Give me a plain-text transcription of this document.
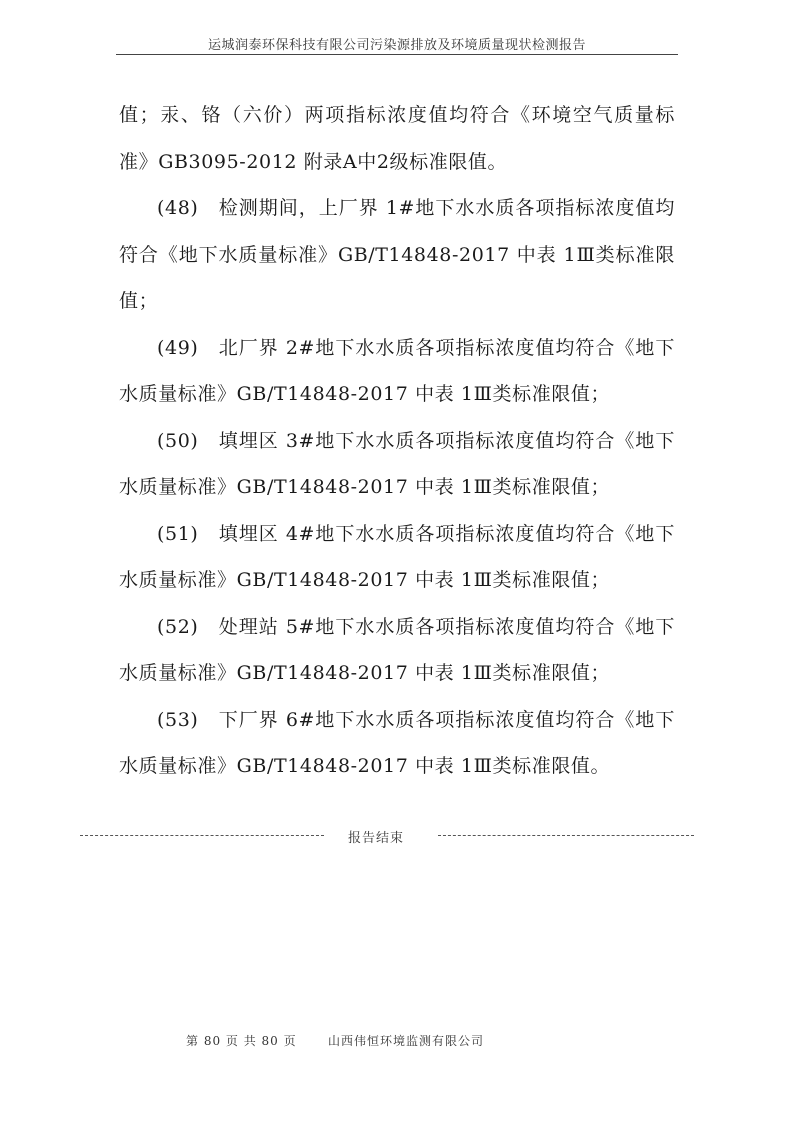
运城润泰环保科技有限公司污染源排放及环境质量现状检测报告

值；汞、铬（六价）两项指标浓度值均符合《环境空气质量标准》GB3095-2012 附录A中2级标准限值。

(48)　检测期间，上厂界 1#地下水水质各项指标浓度值均符合《地下水质量标准》GB/T14848-2017 中表 1Ⅲ类标准限值；

(49)　北厂界 2#地下水水质各项指标浓度值均符合《地下水质量标准》GB/T14848-2017 中表 1Ⅲ类标准限值；

(50)　填埋区 3#地下水水质各项指标浓度值均符合《地下水质量标准》GB/T14848-2017 中表 1Ⅲ类标准限值；

(51)　填埋区 4#地下水水质各项指标浓度值均符合《地下水质量标准》GB/T14848-2017 中表 1Ⅲ类标准限值；

(52)　处理站 5#地下水水质各项指标浓度值均符合《地下水质量标准》GB/T14848-2017 中表 1Ⅲ类标准限值；

(53)　下厂界 6#地下水水质各项指标浓度值均符合《地下水质量标准》GB/T14848-2017 中表 1Ⅲ类标准限值。

报告结束
第 80 页 共 80 页	山西伟恒环境监测有限公司
